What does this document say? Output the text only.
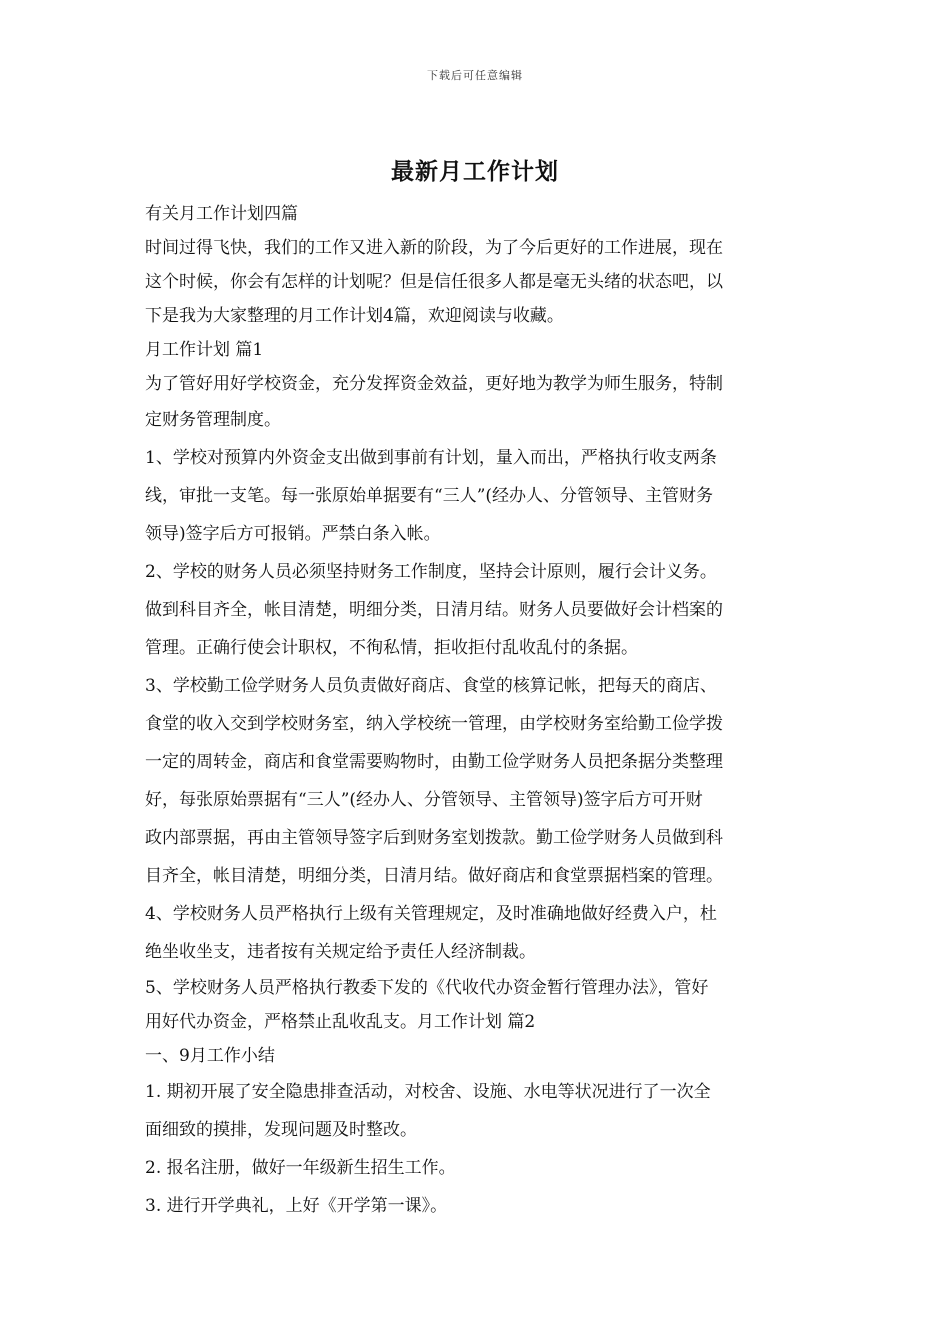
下载后可任意编辑
最新月工作计划
有关月工作计划四篇
时间过得飞快，我们的工作又进入新的阶段，为了今后更好的工作进展，现在
这个时候，你会有怎样的计划呢？但是信任很多人都是毫无头绪的状态吧，以
下是我为大家整理的月工作计划4篇，欢迎阅读与收藏。
月工作计划 篇1
为了管好用好学校资金，充分发挥资金效益，更好地为教学为师生服务，特制
定财务管理制度。
1、学校对预算内外资金支出做到事前有计划，量入而出，严格执行收支两条
线，审批一支笔。每一张原始单据要有“三人”(经办人、分管领导、主管财务
领导)签字后方可报销。严禁白条入帐。
2、学校的财务人员必须坚持财务工作制度，坚持会计原则，履行会计义务。
做到科目齐全，帐目清楚，明细分类，日清月结。财务人员要做好会计档案的
管理。正确行使会计职权，不徇私情，拒收拒付乱收乱付的条据。
3、学校勤工俭学财务人员负责做好商店、食堂的核算记帐，把每天的商店、
食堂的收入交到学校财务室，纳入学校统一管理，由学校财务室给勤工俭学拨
一定的周转金，商店和食堂需要购物时，由勤工俭学财务人员把条据分类整理
好，每张原始票据有“三人”(经办人、分管领导、主管领导)签字后方可开财
政内部票据，再由主管领导签字后到财务室划拨款。勤工俭学财务人员做到科
目齐全，帐目清楚，明细分类，日清月结。做好商店和食堂票据档案的管理。
4、学校财务人员严格执行上级有关管理规定，及时准确地做好经费入户，杜
绝坐收坐支，违者按有关规定给予责任人经济制裁。
5、学校财务人员严格执行教委下发的《代收代办资金暂行管理办法》，管好
用好代办资金，严格禁止乱收乱支。月工作计划 篇2
一、9月工作小结
1. 期初开展了安全隐患排查活动，对校舍、设施、水电等状况进行了一次全
面细致的摸排，发现问题及时整改。
2. 报名注册，做好一年级新生招生工作。
3. 进行开学典礼，上好《开学第一课》。
